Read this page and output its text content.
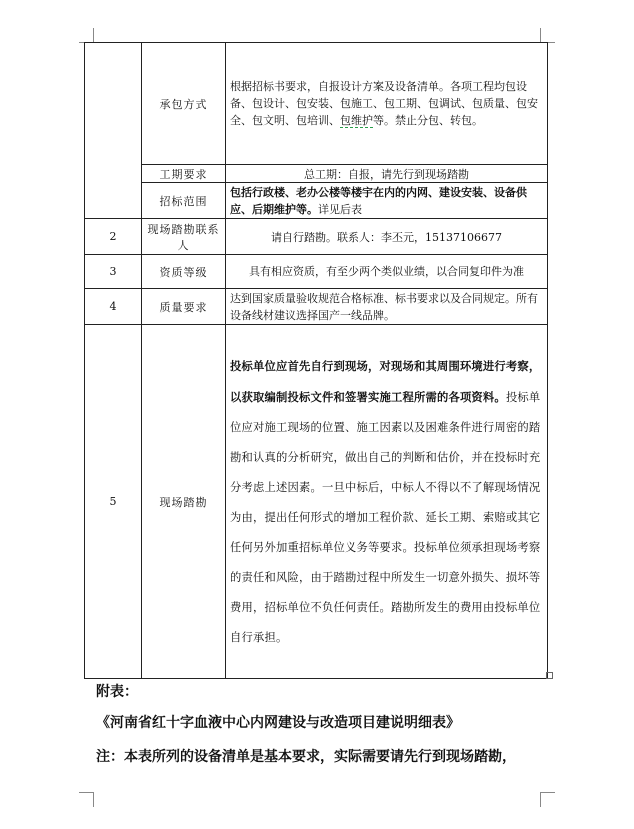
	承包方式	根据招标书要求，自报设计方案及设备清单。各项工程均包设备、包设计、包安装、包施工、包工期、包调试、包质量、包安全、包文明、包培训、包维护等。禁止分包、转包。
	工期要求	总工期：自报，请先行到现场踏勘
	招标范围	包括行政楼、老办公楼等楼宇在内的内网、建设安装、设备供应、后期维护等。详见后表
2	现场踏勘联系人	请自行踏勘。联系人：李丕元，15137106677
3	资质等级	具有相应资质，有至少两个类似业绩，以合同复印件为准
4	质量要求	达到国家质量验收规范合格标准、标书要求以及合同规定。所有设备线材建议选择国产一线品牌。
5	现场踏勘	投标单位应首先自行到现场，对现场和其周围环境进行考察，以获取编制投标文件和签署实施工程所需的各项资料。投标单位应对施工现场的位置、施工因素以及困难条件进行周密的踏勘和认真的分析研究，做出自己的判断和估价，并在投标时充分考虑上述因素。一旦中标后，中标人不得以不了解现场情况为由，提出任何形式的增加工程价款、延长工期、索赔或其它任何另外加重招标单位义务等要求。投标单位须承担现场考察的责任和风险，由于踏勘过程中所发生一切意外损失、损坏等费用，招标单位不负任何责任。踏勘所发生的费用由投标单位自行承担。
附表：
《河南省红十字血液中心内网建设与改造项目建说明细表》
注：本表所列的设备清单是基本要求，实际需要请先行到现场踏勘，
